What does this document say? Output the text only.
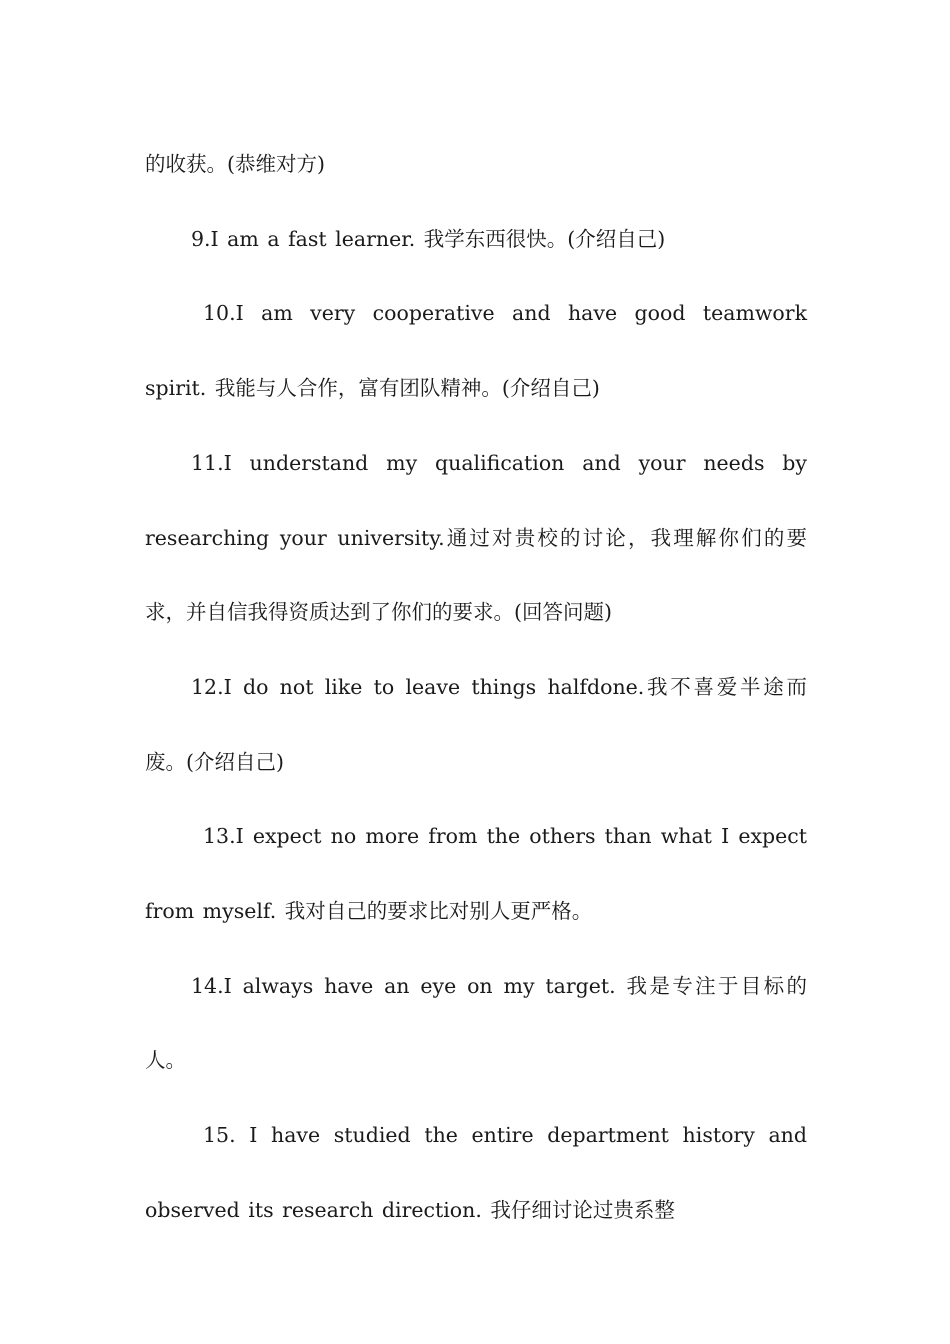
的收获。(恭维对方)

9.I am a fast learner. 我学东西很快。(介绍自己)

10.I am very cooperative and have good teamwork spirit. 我能与人合作，富有团队精神。(介绍自己)

11.I understand my qualification and your needs by researching your university.通过对贵校的讨论，我理解你们的要求，并自信我得资质达到了你们的要求。(回答问题)

12.I do not like to leave things halfdone.我不喜爱半途而废。(介绍自己)

13.I expect no more from the others than what I expect from myself. 我对自己的要求比对别人更严格。

14.I always have an eye on my target. 我是专注于目标的人。

15. I have studied the entire department history and observed its research direction. 我仔细讨论过贵系整
